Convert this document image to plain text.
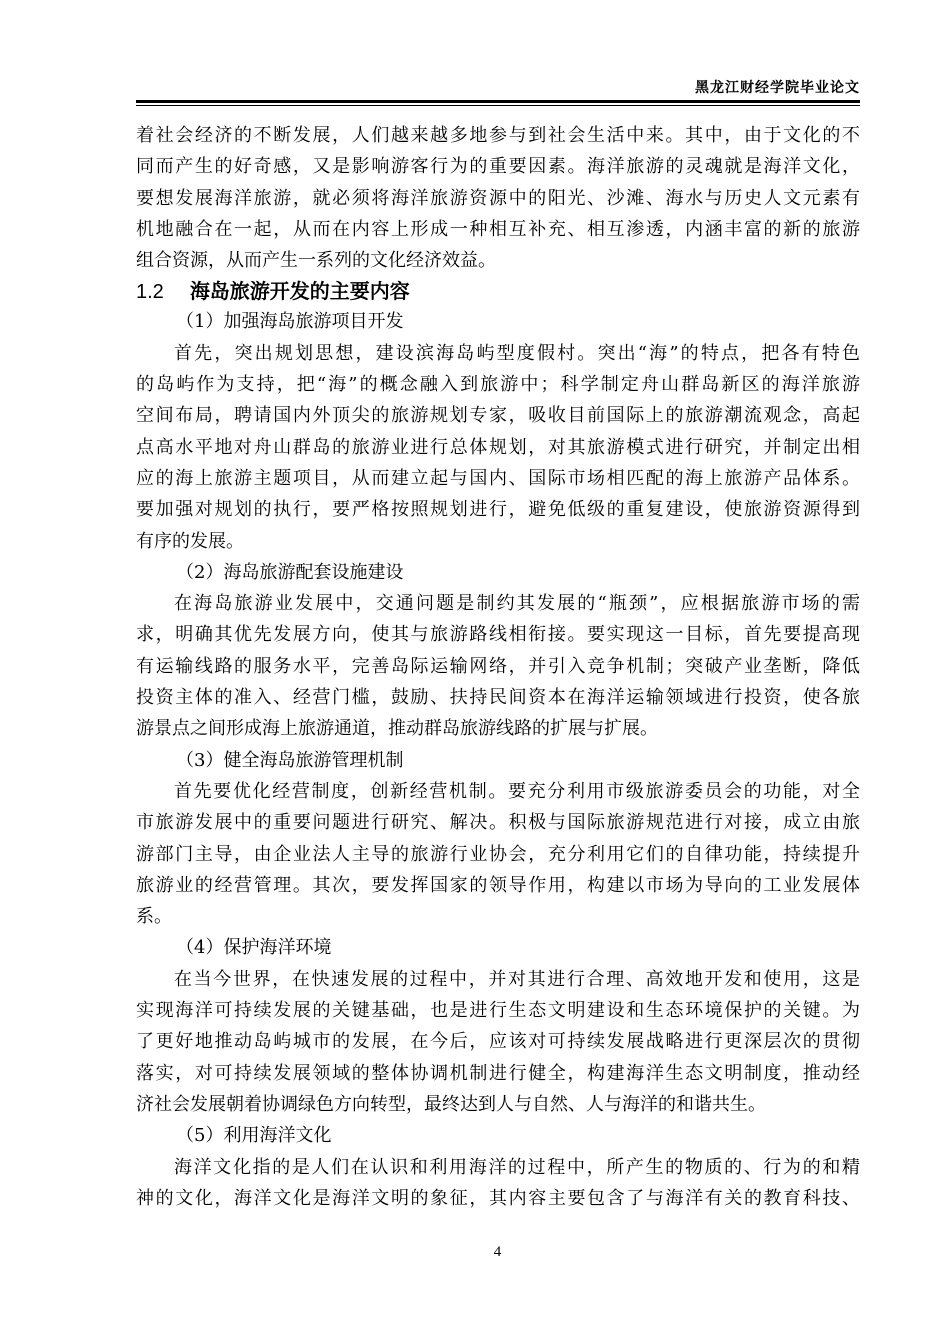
黑龙江财经学院毕业论文
着社会经济的不断发展，人们越来越多地参与到社会生活中来。其中，由于文化的不
同而产生的好奇感，又是影响游客行为的重要因素。海洋旅游的灵魂就是海洋文化，
要想发展海洋旅游，就必须将海洋旅游资源中的阳光、沙滩、海水与历史人文元素有
机地融合在一起，从而在内容上形成一种相互补充、相互渗透，内涵丰富的新的旅游
组合资源，从而产生一系列的文化经济效益。
1.2 海岛旅游开发的主要内容
（1）加强海岛旅游项目开发
首先，突出规划思想，建设滨海岛屿型度假村。突出“海”的特点，把各有特色
的岛屿作为支持，把“海”的概念融入到旅游中；科学制定舟山群岛新区的海洋旅游
空间布局，聘请国内外顶尖的旅游规划专家，吸收目前国际上的旅游潮流观念，高起
点高水平地对舟山群岛的旅游业进行总体规划，对其旅游模式进行研究，并制定出相
应的海上旅游主题项目，从而建立起与国内、国际市场相匹配的海上旅游产品体系。
要加强对规划的执行，要严格按照规划进行，避免低级的重复建设，使旅游资源得到
有序的发展。
（2）海岛旅游配套设施建设
在海岛旅游业发展中，交通问题是制约其发展的“瓶颈”，应根据旅游市场的需
求，明确其优先发展方向，使其与旅游路线相衔接。要实现这一目标，首先要提高现
有运输线路的服务水平，完善岛际运输网络，并引入竞争机制；突破产业垄断，降低
投资主体的准入、经营门槛，鼓励、扶持民间资本在海洋运输领域进行投资，使各旅
游景点之间形成海上旅游通道，推动群岛旅游线路的扩展与扩展。
（3）健全海岛旅游管理机制
首先要优化经营制度，创新经营机制。要充分利用市级旅游委员会的功能，对全
市旅游发展中的重要问题进行研究、解决。积极与国际旅游规范进行对接，成立由旅
游部门主导，由企业法人主导的旅游行业协会，充分利用它们的自律功能，持续提升
旅游业的经营管理。其次，要发挥国家的领导作用，构建以市场为导向的工业发展体
系。
（4）保护海洋环境
在当今世界，在快速发展的过程中，并对其进行合理、高效地开发和使用，这是
实现海洋可持续发展的关键基础，也是进行生态文明建设和生态环境保护的关键。为
了更好地推动岛屿城市的发展，在今后，应该对可持续发展战略进行更深层次的贯彻
落实，对可持续发展领域的整体协调机制进行健全，构建海洋生态文明制度，推动经
济社会发展朝着协调绿色方向转型，最终达到人与自然、人与海洋的和谐共生。
（5）利用海洋文化
海洋文化指的是人们在认识和利用海洋的过程中，所产生的物质的、行为的和精
神的文化，海洋文化是海洋文明的象征，其内容主要包含了与海洋有关的教育科技、
4
